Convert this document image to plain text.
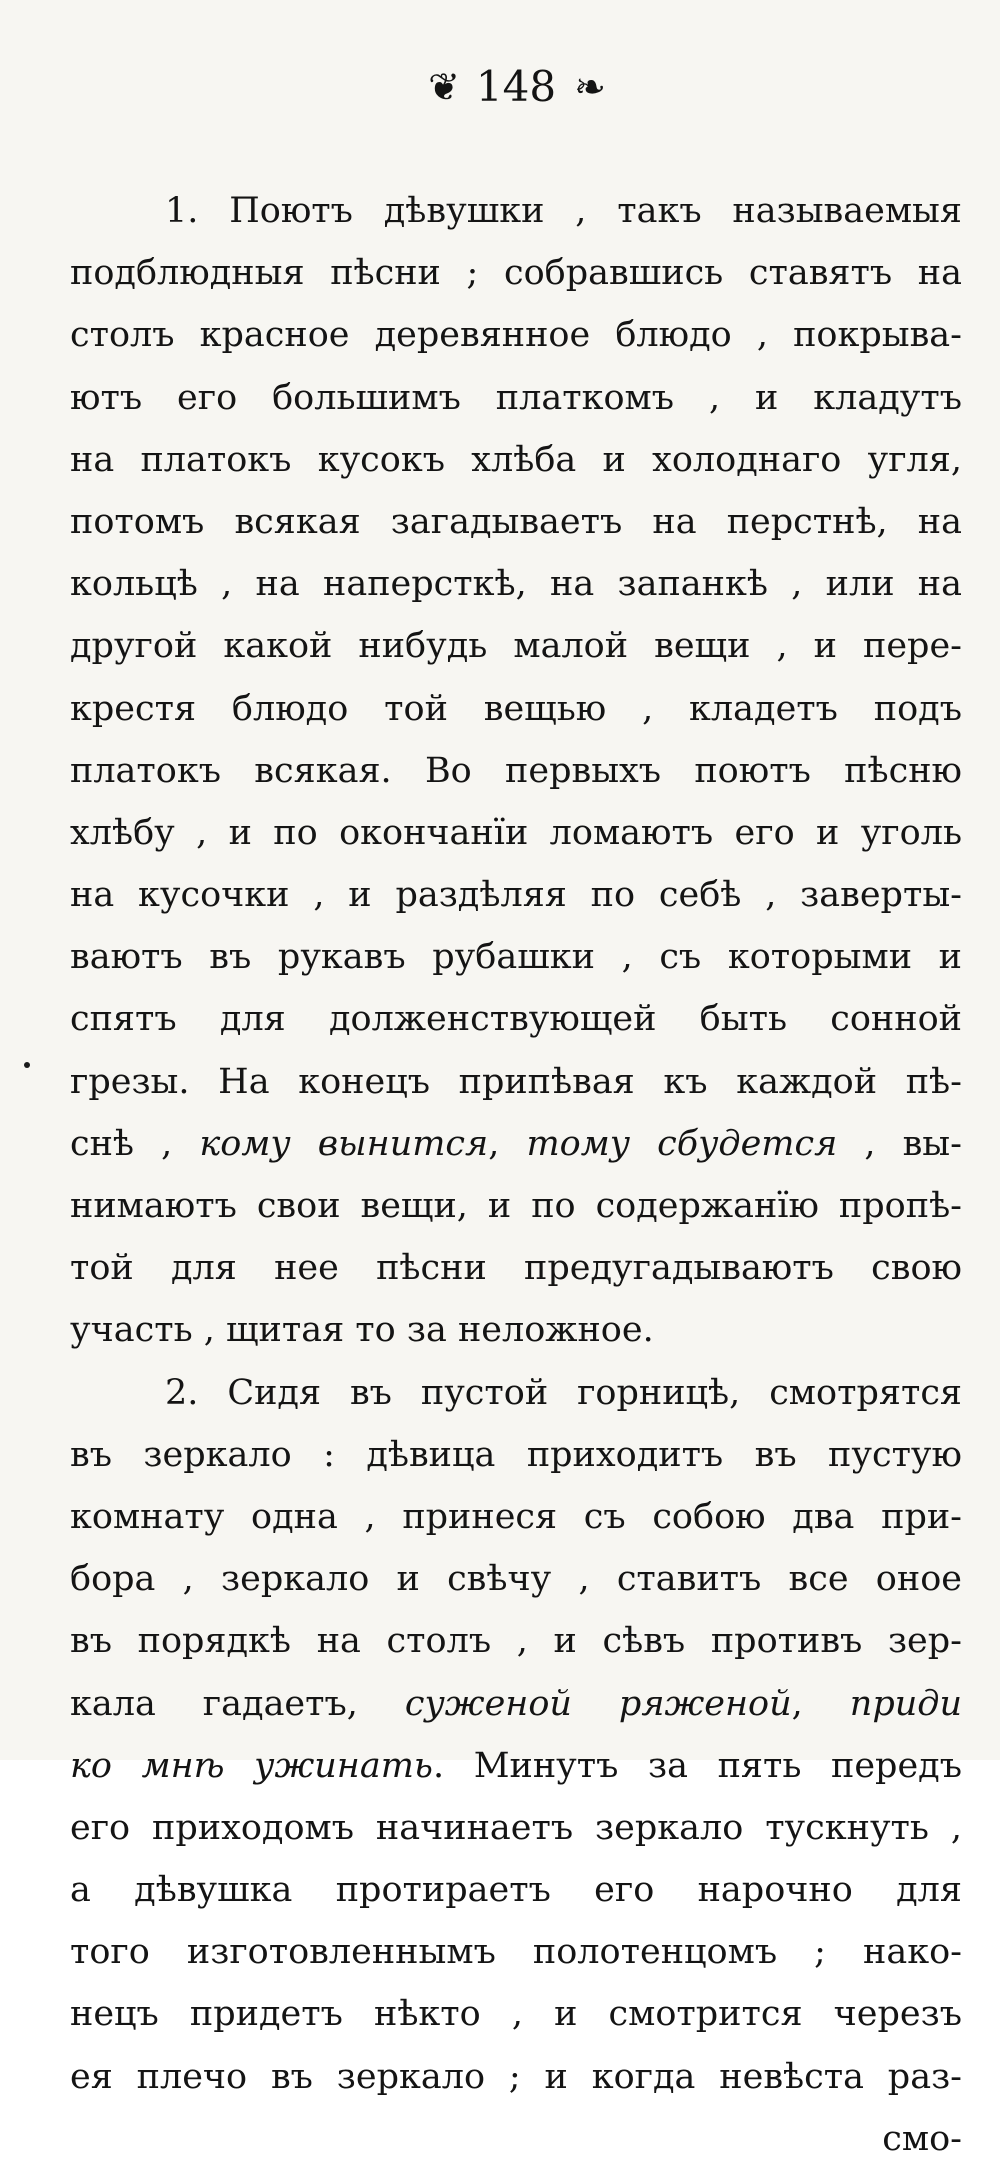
❦ 148 ❧
1. Поютъ дѣвушки , такъ называемыя
подблюдныя пѣсни ; собравшись ставятъ на
столъ красное деревянное блюдо , покрыва-
ютъ его большимъ платкомъ , и кладутъ
на платокъ кусокъ хлѣба и холоднаго угля,
потомъ всякая загадываетъ на перстнѣ, на
кольцѣ , на наперсткѣ, на запанкѣ , или на
другой какой нибудь малой вещи , и пере-
крестя блюдо той вещью , кладетъ подъ
платокъ всякая. Во первыхъ поютъ пѣсню
хлѣбу , и по окончанїи ломаютъ его и уголь
на кусочки , и раздѣляя по себѣ , заверты-
ваютъ въ рукавъ рубашки , съ которыми и
спятъ для долженствующей быть сонной
грезы. На конецъ припѣвая къ каждой пѣ-
снѣ , кому вынится, тому сбудется , вы-
нимаютъ свои вещи, и по содержанїю пропѣ-
той для нее пѣсни предугадываютъ свою
участь , щитая то за неложное.
2. Сидя въ пустой горницѣ, смотрятся
въ зеркало : дѣвица приходитъ въ пустую
комнату одна , принеся съ собою два при-
бора , зеркало и свѣчу , ставитъ все оное
въ порядкѣ на столъ , и сѣвъ противъ зер-
кала гадаетъ, суженой ряженой, приди
ко мнѣ ужинать. Минутъ за пять передъ
его приходомъ начинаетъ зеркало тускнуть ,
а дѣвушка протираетъ его нарочно для
того изготовленнымъ полотенцомъ ; нако-
нецъ придетъ нѣкто , и смотрится черезъ
ея плечо въ зеркало ; и когда невѣста раз-
смо-
